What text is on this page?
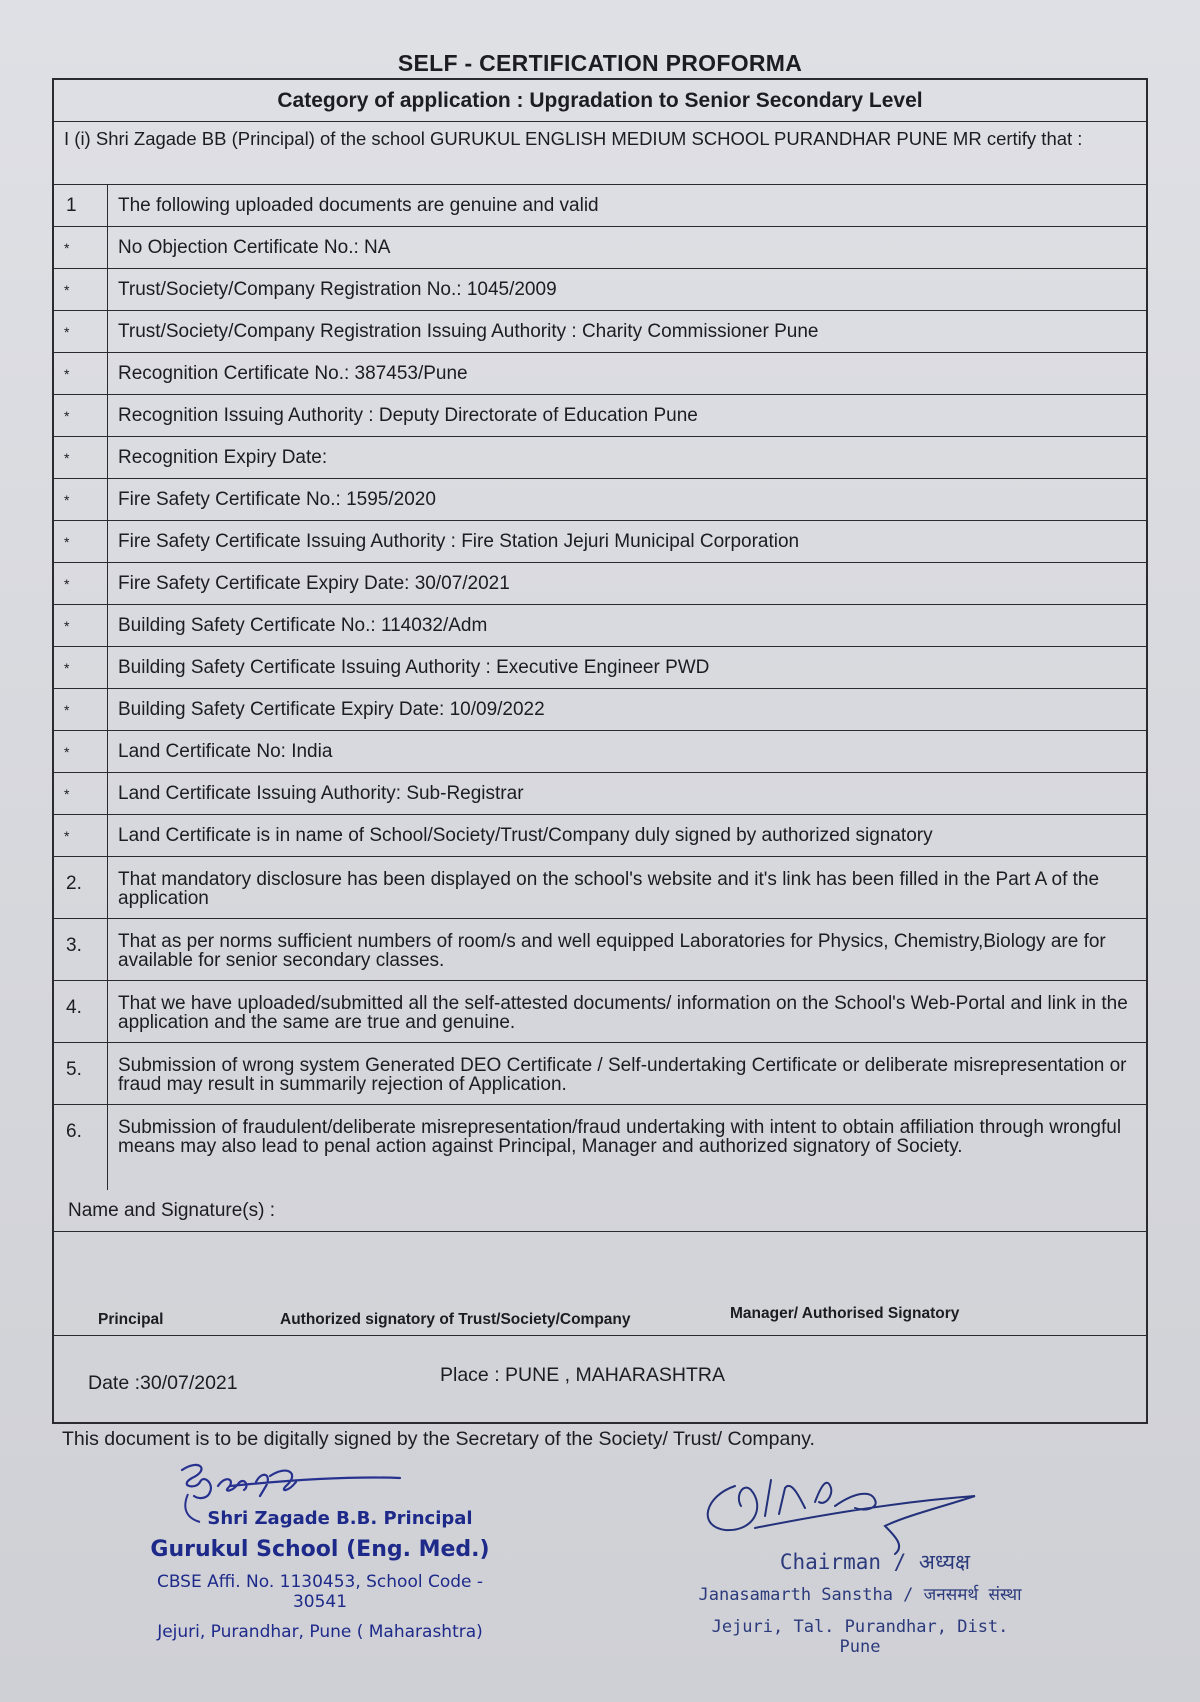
SELF - CERTIFICATION PROFORMA
Category of application : Upgradation to Senior Secondary Level
I (i) Shri Zagade BB (Principal) of the school GURUKUL ENGLISH MEDIUM SCHOOL PURANDHAR PUNE MR certify that :
1	The following uploaded documents are genuine and valid
*	No Objection Certificate No.: NA
*	Trust/Society/Company Registration No.: 1045/2009
*	Trust/Society/Company Registration Issuing Authority : Charity Commissioner Pune
*	Recognition Certificate No.: 387453/Pune
*	Recognition Issuing Authority : Deputy Directorate of Education Pune
*	Recognition Expiry Date:
*	Fire Safety Certificate No.: 1595/2020
*	Fire Safety Certificate Issuing Authority : Fire Station Jejuri Municipal Corporation
*	Fire Safety Certificate Expiry Date: 30/07/2021
*	Building Safety Certificate No.: 114032/Adm
*	Building Safety Certificate Issuing Authority : Executive Engineer PWD
*	Building Safety Certificate Expiry Date: 10/09/2022
*	Land Certificate No: India
*	Land Certificate Issuing Authority: Sub-Registrar
*	Land Certificate is in name of School/Society/Trust/Company duly signed by authorized signatory
2.	That mandatory disclosure has been displayed on the school's website and it's link has been filled in the Part A of the application
3.	That as per norms sufficient numbers of room/s and well equipped Laboratories for Physics, Chemistry,Biology are for available for senior secondary classes.
4.	That we have uploaded/submitted all the self-attested documents/ information on the School's Web-Portal and link in the application and the same are true and genuine.
5.	Submission of wrong system Generated DEO Certificate / Self-undertaking Certificate or deliberate misrepresentation or fraud may result in summarily rejection of Application.
6.	Submission of fraudulent/deliberate misrepresentation/fraud undertaking with intent to obtain affiliation through wrongful means may also lead to penal action against Principal, Manager and authorized signatory of Society.
Name and Signature(s) :
Principal	Authorized signatory of Trust/Society/Company	Manager/ Authorised Signatory
Date :30/07/2021	Place : PUNE , MAHARASHTRA
This document is to be digitally signed by the Secretary of the Society/ Trust/ Company.
Shri Zagade B.B. Principal
Gurukul School (Eng. Med.)
CBSE Affi. No. 1130453, School Code - 30541
Jejuri, Purandhar, Pune ( Maharashtra)
Chairman / अध्यक्ष
Janasamarth Sanstha / जनसमर्थ संस्था
Jejuri, Tal. Purandhar, Dist. Pune
